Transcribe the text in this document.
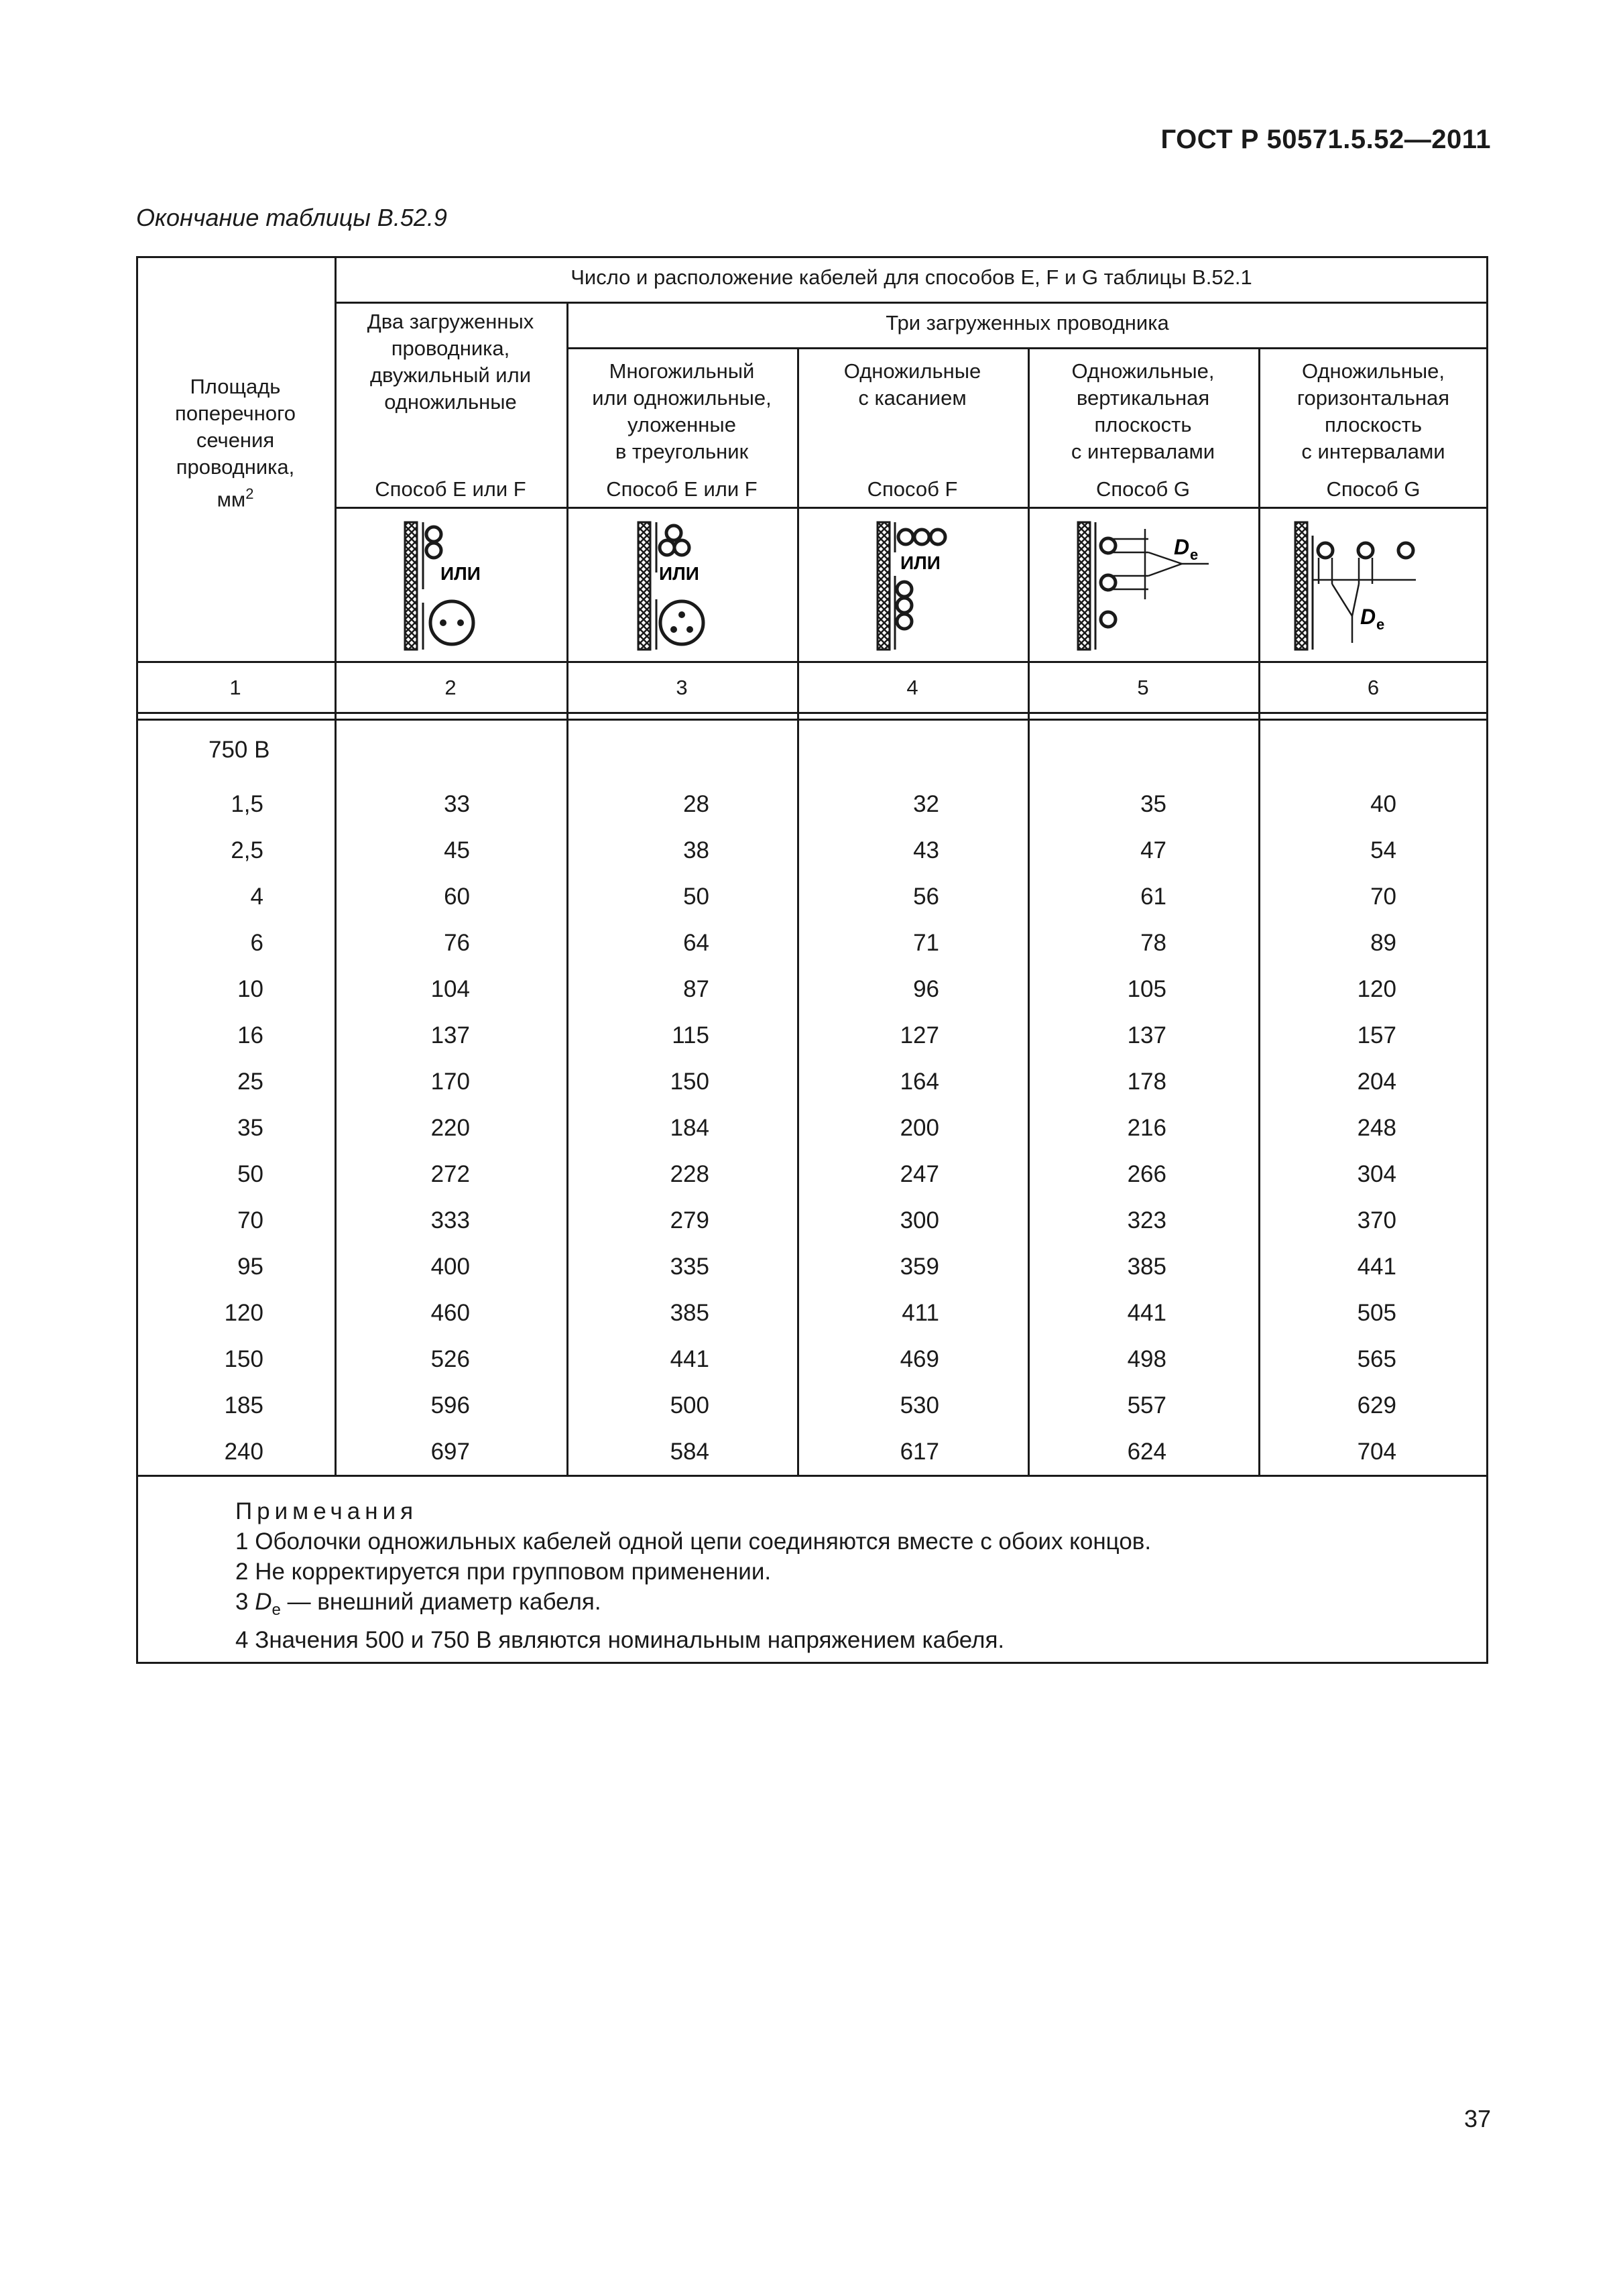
ГОСТ Р 50571.5.52—2011
Окончание таблицы B.52.9
Число и расположение кабелей для способов E, F и G таблицы B.52.1
Площадь
поперечного
сечения
проводника,
$мм^2$
Два загруженных
проводника,
двужильный или
одножильные
Способ E или F
Три загруженных проводника
Многожильный
или одножильные,
уложенные
в треугольник
Способ E или F
Одножильные
с касанием
Способ F
Одножильные,
вертикальная
плоскость
с интервалами
Способ G
Одножильные,
горизонтальная
плоскость
с интервалами
Способ G
ИЛИ	ИЛИ
ИЛИ
D e
D e
1	2	3	4	5	6
750 В
1,5	33	28	32	35	40
2,5	45	38	43	47	54
4	60	50	56	61	70
6	76	64	71	78	89
10	104	87	96	105	120
16	137	115	127	137	157
25	170	150	164	178	204
35	220	184	200	216	248
50	272	228	247	266	304
70	333	279	300	323	370
95	400	335	359	385	441
120	460	385	411	441	505
150	526	441	469	498	565
185	596	500	530	557	629
240	697	584	617	624	704
Примечания
1 Оболочки одножильных кабелей одной цепи соединяются вместе с обоих концов.
2 Не корректируется при групповом применении.
3 $D_e$ — внешний диаметр кабеля.
4 Значения 500 и 750 В являются номинальным напряжением кабеля.
37
